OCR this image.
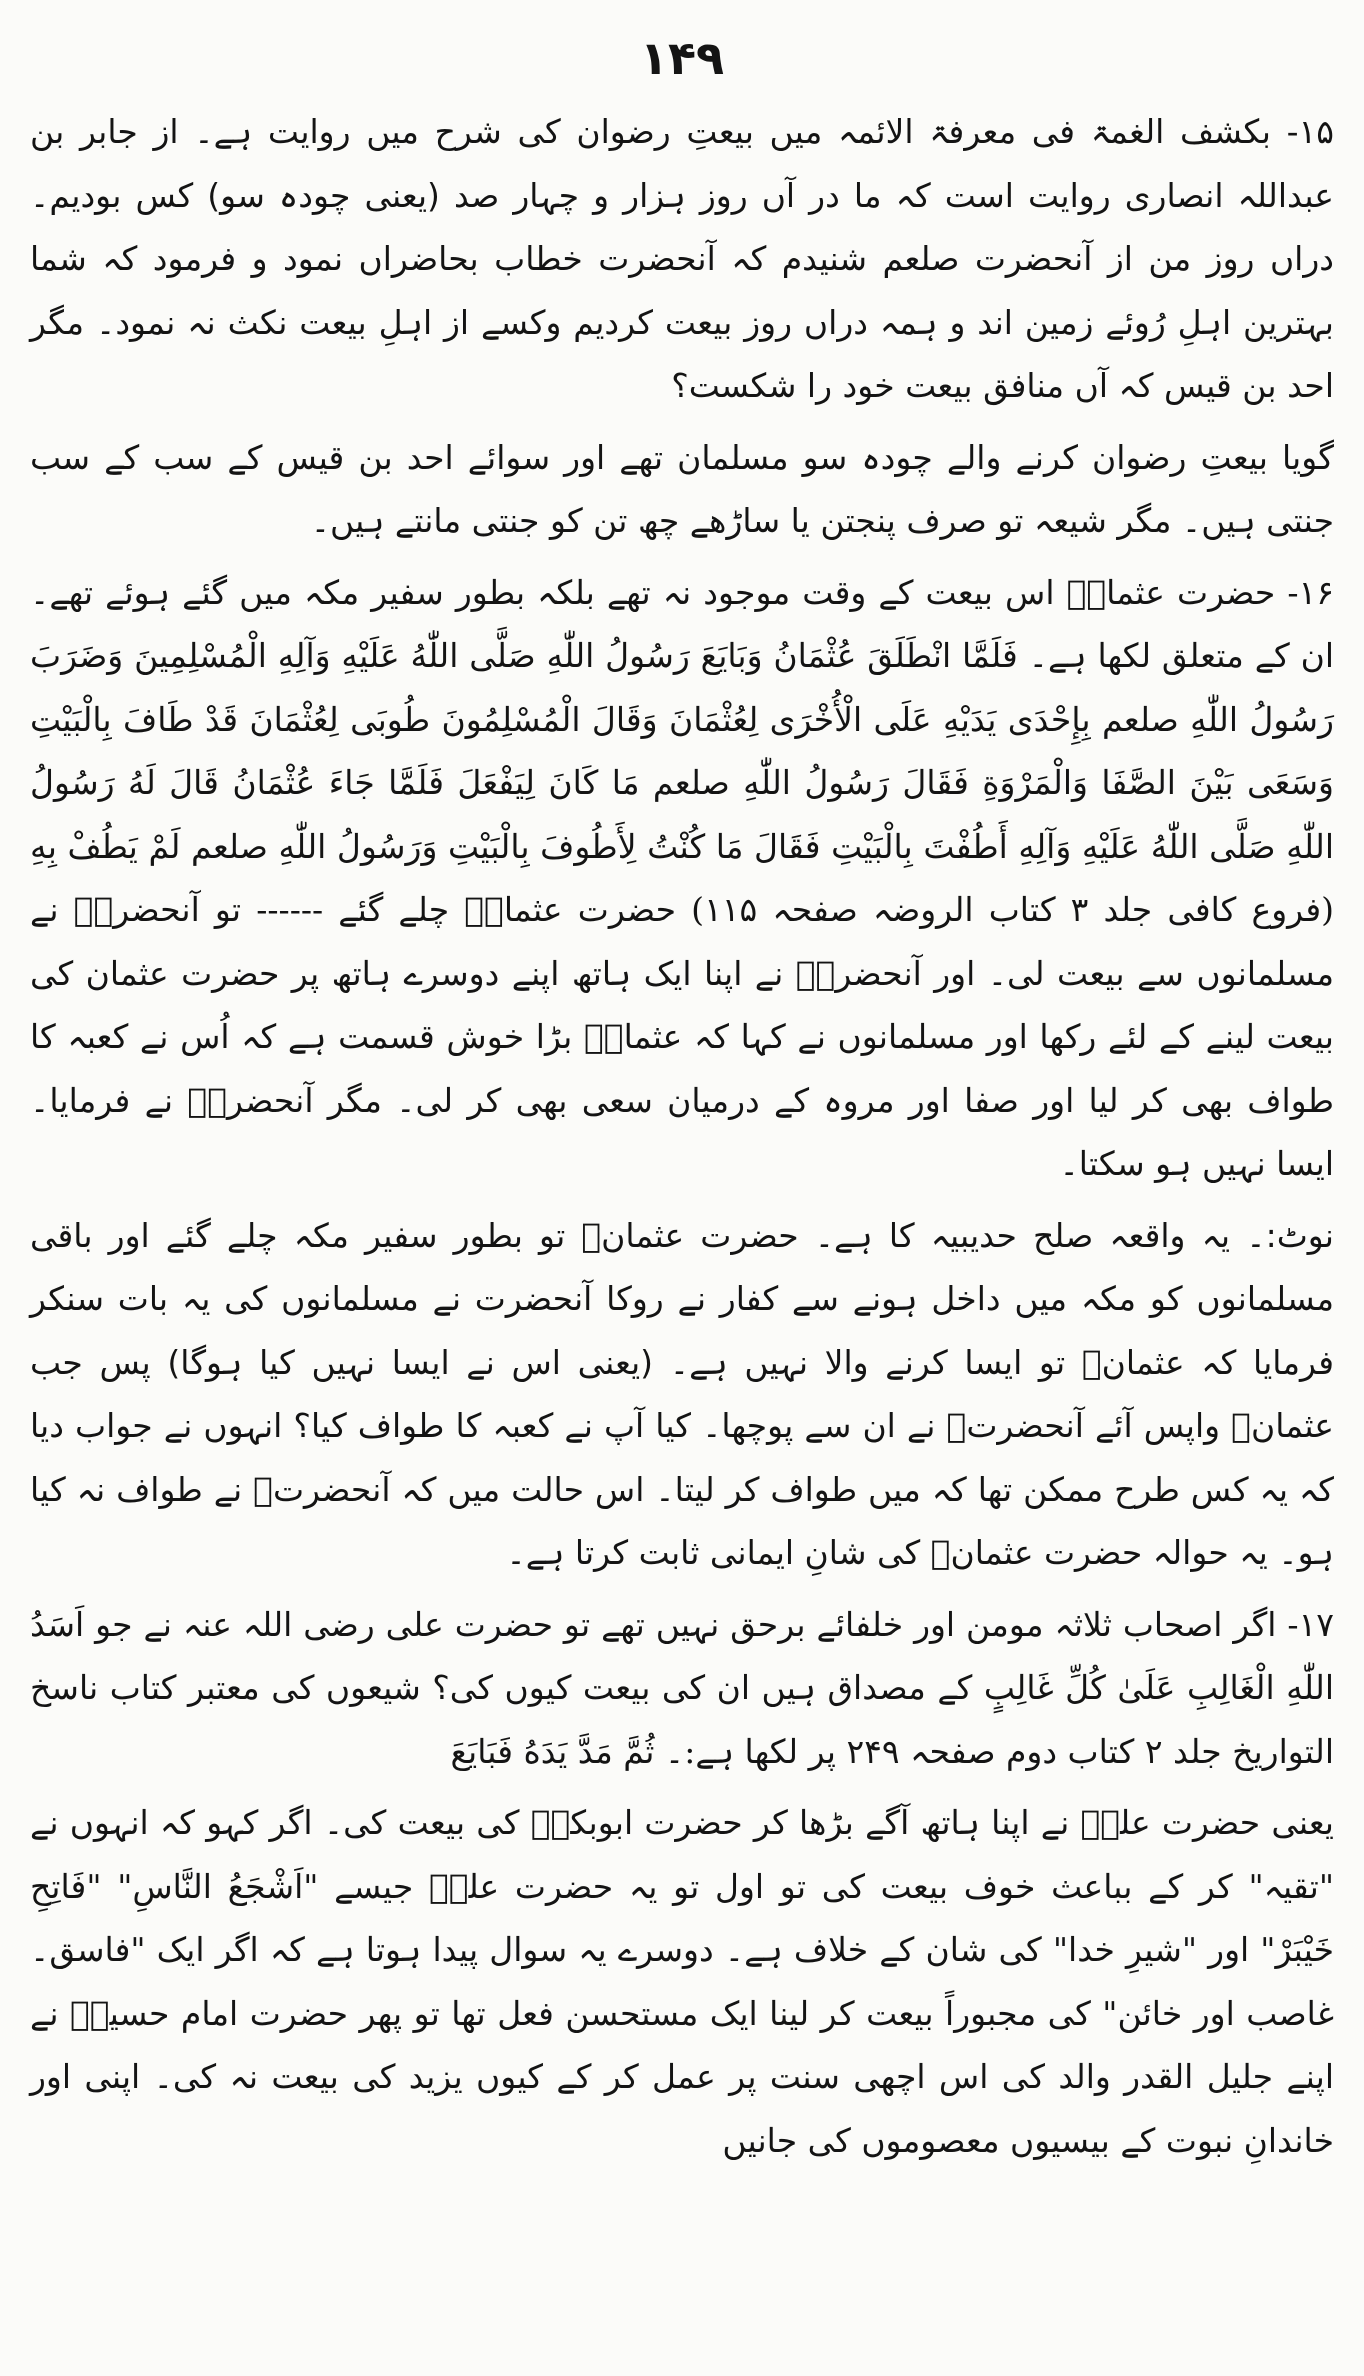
۱۴۹

۱۵- بکشف الغمۃ فی معرفۃ الائمہ میں بیعتِ رضوان کی شرح میں روایت ہے۔ از جابر بن عبداللہ انصاری روایت است کہ ما در آں روز ہزار و چہار صد (یعنی چودہ سو) کس بودیم۔ دراں روز من از آنحضرت صلعم شنیدم کہ آنحضرت خطاب بحاضراں نمود و فرمود کہ شما بہترین اہلِ رُوئے زمین اند و ہمہ دراں روز بیعت کردیم وکسے از اہلِ بیعت نکث نہ نمود۔ مگر احد بن قیس کہ آں منافق بیعت خود را شکست؟

گویا بیعتِ رضوان کرنے والے چودہ سو مسلمان تھے اور سوائے احد بن قیس کے سب کے سب جنتی ہیں۔ مگر شیعہ تو صرف پنجتن یا ساڑھے چھ تن کو جنتی مانتے ہیں۔

۱۶- حضرت عثمانؓ اس بیعت کے وقت موجود نہ تھے بلکہ بطور سفیر مکہ میں گئے ہوئے تھے۔ ان کے متعلق لکھا ہے۔ فَلَمَّا انْطَلَقَ عُثْمَانُ وَبَايَعَ رَسُولُ اللّٰهِ صَلَّى اللّٰهُ عَلَيْهِ وَآلِهِ الْمُسْلِمِينَ وَضَرَبَ رَسُولُ اللّٰهِ صلعم بِإِحْدَى يَدَيْهِ عَلَى الْأُخْرَى لِعُثْمَانَ وَقَالَ الْمُسْلِمُونَ طُوبَى لِعُثْمَانَ قَدْ طَافَ بِالْبَيْتِ وَسَعَى بَيْنَ الصَّفَا وَالْمَرْوَةِ فَقَالَ رَسُولُ اللّٰهِ صلعم مَا كَانَ لِيَفْعَلَ فَلَمَّا جَاءَ عُثْمَانُ قَالَ لَهُ رَسُولُ اللّٰهِ صَلَّى اللّٰهُ عَلَيْهِ وَآلِهِ أَطُفْتَ بِالْبَيْتِ فَقَالَ مَا كُنْتُ لِأَطُوفَ بِالْبَيْتِ وَرَسُولُ اللّٰهِ صلعم لَمْ يَطُفْ بِهِ (فروع کافی جلد ۳ کتاب الروضہ صفحہ ۱۱۵) حضرت عثمانؓ چلے گئے ------ تو آنحضرتؐ نے مسلمانوں سے بیعت لی۔ اور آنحضرتؐ نے اپنا ایک ہاتھ اپنے دوسرے ہاتھ پر حضرت عثمان کی بیعت لینے کے لئے رکھا اور مسلمانوں نے کہا کہ عثمانؓ بڑا خوش قسمت ہے کہ اُس نے کعبہ کا طواف بھی کر لیا اور صفا اور مروہ کے درمیان سعی بھی کر لی۔ مگر آنحضرتؐ نے فرمایا۔ ایسا نہیں ہو سکتا۔

نوٹ:۔ یہ واقعہ صلح حدیبیہ کا ہے۔ حضرت عثمانؓ تو بطور سفیر مکہ چلے گئے اور باقی مسلمانوں کو مکہ میں داخل ہونے سے کفار نے روکا آنحضرت نے مسلمانوں کی یہ بات سنکر فرمایا کہ عثمانؓ تو ایسا کرنے والا نہیں ہے۔ (یعنی اس نے ایسا نہیں کیا ہوگا) پس جب عثمانؓ واپس آئے آنحضرتؐ نے ان سے پوچھا۔ کیا آپ نے کعبہ کا طواف کیا؟ انہوں نے جواب دیا کہ یہ کس طرح ممکن تھا کہ میں طواف کر لیتا۔ اس حالت میں کہ آنحضرتؐ نے طواف نہ کیا ہو۔ یہ حوالہ حضرت عثمانؓ کی شانِ ایمانی ثابت کرتا ہے۔

۱۷- اگر اصحاب ثلاثہ مومن اور خلفائے برحق نہیں تھے تو حضرت علی رضی اللہ عنہ نے جو اَسَدُ اللّٰهِ الْغَالِبِ عَلَىٰ كُلِّ غَالِبٍ کے مصداق ہیں ان کی بیعت کیوں کی؟ شیعوں کی معتبر کتاب ناسخ التواریخ جلد ۲ کتاب دوم صفحہ ۲۴۹ پر لکھا ہے:۔ ثُمَّ مَدَّ يَدَهُ فَبَايَعَ

یعنی حضرت علیؓ نے اپنا ہاتھ آگے بڑھا کر حضرت ابوبکرؓ کی بیعت کی۔ اگر کہو کہ انہوں نے "تقیہ" کر کے بباعث خوف بیعت کی تو اول تو یہ حضرت علیؓ جیسے "اَشْجَعُ النَّاسِ" "فَاتِحِ خَيْبَرْ" اور "شیرِ خدا" کی شان کے خلاف ہے۔ دوسرے یہ سوال پیدا ہوتا ہے کہ اگر ایک "فاسق۔ غاصب اور خائن" کی مجبوراً بیعت کر لینا ایک مستحسن فعل تھا تو پھر حضرت امام حسینؓ نے اپنے جلیل القدر والد کی اس اچھی سنت پر عمل کر کے کیوں یزید کی بیعت نہ کی۔ اپنی اور خاندانِ نبوت کے بیسیوں معصوموں کی جانیں
